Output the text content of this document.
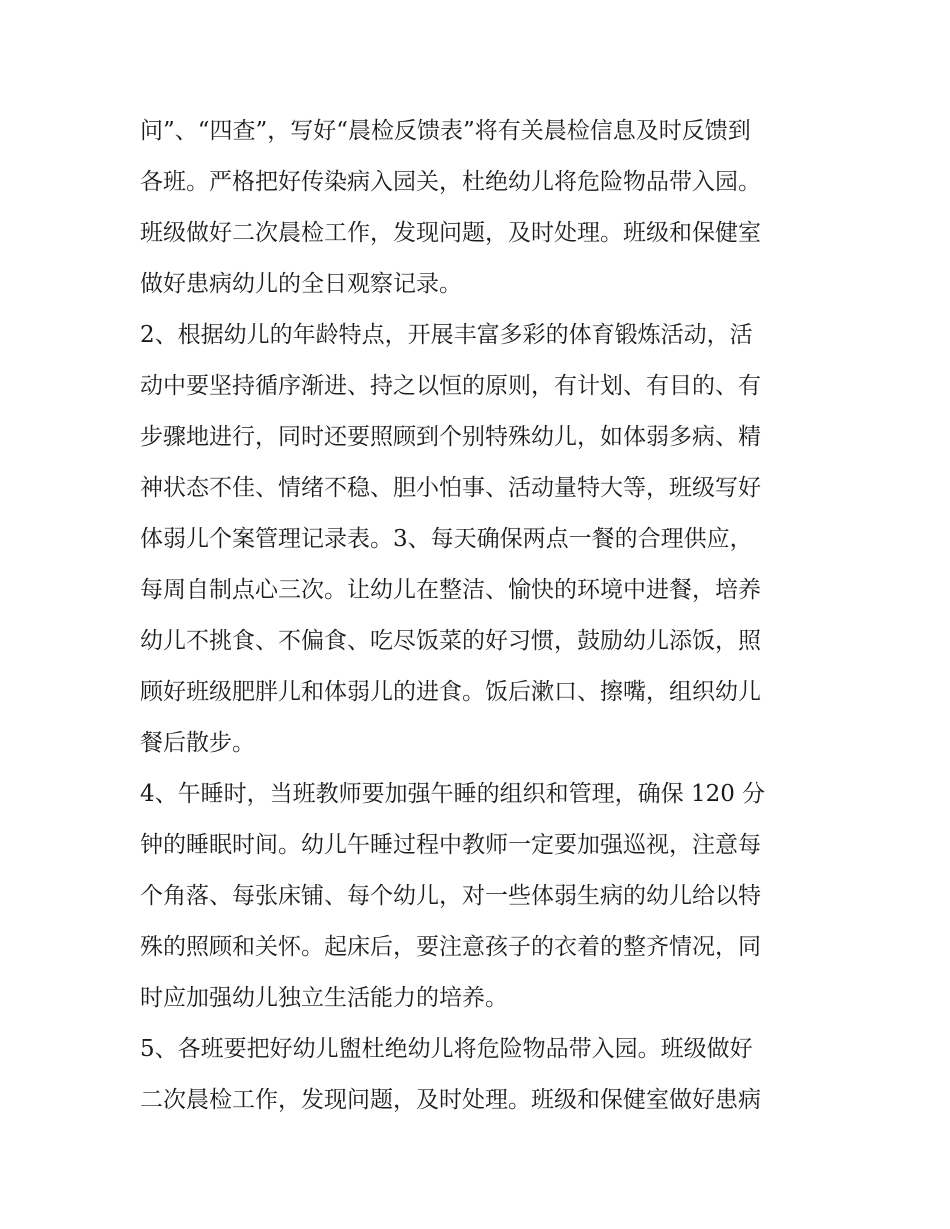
问”、“四查”，写好“晨检反馈表”将有关晨检信息及时反馈到
各班。严格把好传染病入园关，杜绝幼儿将危险物品带入园。
班级做好二次晨检工作，发现问题，及时处理。班级和保健室
做好患病幼儿的全日观察记录。
2、根据幼儿的年龄特点，开展丰富多彩的体育锻炼活动，活
动中要坚持循序渐进、持之以恒的原则，有计划、有目的、有
步骤地进行，同时还要照顾到个别特殊幼儿，如体弱多病、精
神状态不佳、情绪不稳、胆小怕事、活动量特大等，班级写好
体弱儿个案管理记录表。3、每天确保两点一餐的合理供应，
每周自制点心三次。让幼儿在整洁、愉快的环境中进餐，培养
幼儿不挑食、不偏食、吃尽饭菜的好习惯，鼓励幼儿添饭，照
顾好班级肥胖儿和体弱儿的进食。饭后漱口、擦嘴，组织幼儿
餐后散步。
4、午睡时，当班教师要加强午睡的组织和管理，确保 120 分
钟的睡眠时间。幼儿午睡过程中教师一定要加强巡视，注意每
个角落、每张床铺、每个幼儿，对一些体弱生病的幼儿给以特
殊的照顾和关怀。起床后，要注意孩子的衣着的整齐情况，同
时应加强幼儿独立生活能力的培养。
5、各班要把好幼儿盥杜绝幼儿将危险物品带入园。班级做好
二次晨检工作，发现问题，及时处理。班级和保健室做好患病
